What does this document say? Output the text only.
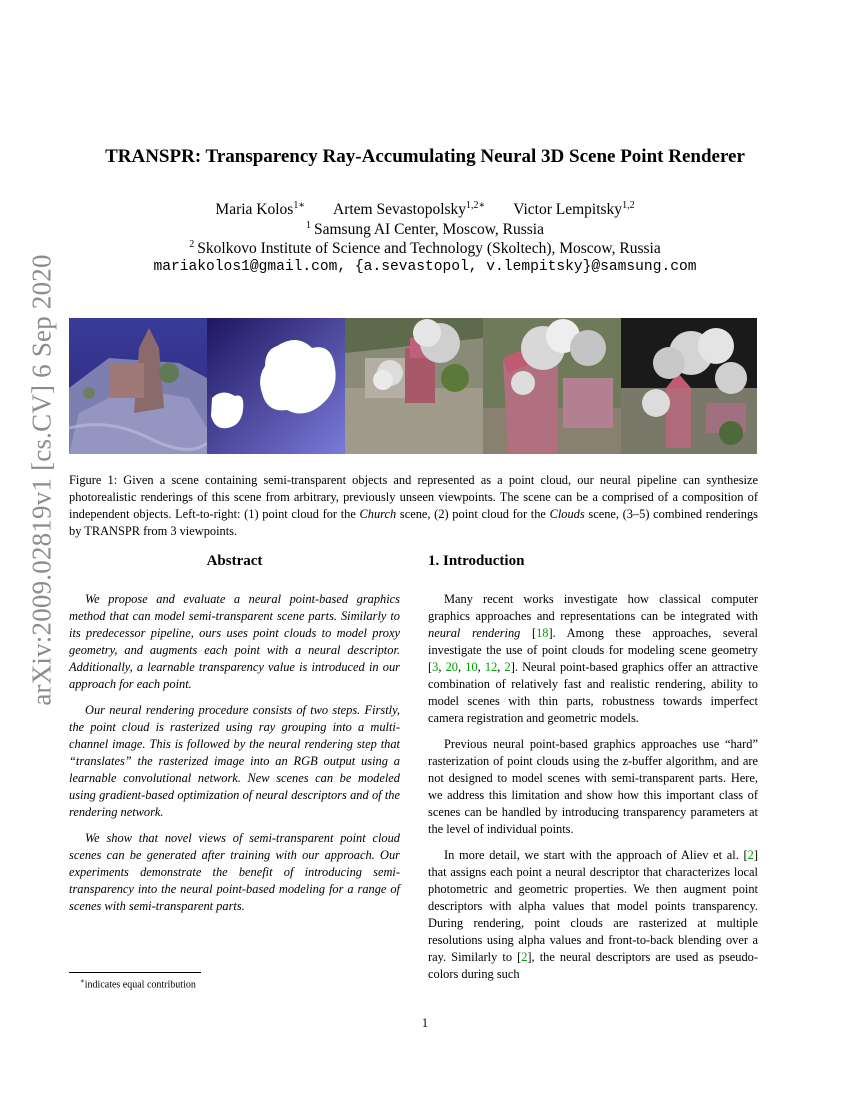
arXiv:2009.02819v1 [cs.CV] 6 Sep 2020
TRANSPR: Transparency Ray-Accumulating Neural 3D Scene Point Renderer
Maria Kolos$^{1∗}$ Artem Sevastopolsky$^{1,2∗}$ Victor Lempitsky$^{1,2}$
$^1$ Samsung AI Center, Moscow, Russia
$^2$ Skolkovo Institute of Science and Technology (Skoltech), Moscow, Russia
mariakolos1@gmail.com, {a.sevastopol, v.lempitsky}@samsung.com
Figure 1: Given a scene containing semi-transparent objects and represented as a point cloud, our neural pipeline can synthesize photorealistic renderings of this scene from arbitrary, previously unseen viewpoints. The scene can be a comprised of a composition of independent objects. Left-to-right: (1) point cloud for the Church scene, (2) point cloud for the Clouds scene, (3–5) combined renderings by TRANSPR from 3 viewpoints.
Abstract

We propose and evaluate a neural point-based graphics method that can model semi-transparent scene parts. Similarly to its predecessor pipeline, ours uses point clouds to model proxy geometry, and augments each point with a neural descriptor. Additionally, a learnable transparency value is introduced in our approach for each point.

Our neural rendering procedure consists of two steps. Firstly, the point cloud is rasterized using ray grouping into a multi-channel image. This is followed by the neural rendering step that “translates” the rasterized image into an RGB output using a learnable convolutional network. New scenes can be modeled using gradient-based optimization of neural descriptors and of the rendering network.

We show that novel views of semi-transparent point cloud scenes can be generated after training with our approach. Our experiments demonstrate the benefit of introducing semi-transparency into the neural point-based modeling for a range of scenes with semi-transparent parts.

1. Introduction

Many recent works investigate how classical computer graphics approaches and representations can be integrated with neural rendering [18]. Among these approaches, several investigate the use of point clouds for modeling scene geometry [3, 20, 10, 12, 2]. Neural point-based graphics offer an attractive combination of relatively fast and realistic rendering, ability to model scenes with thin parts, robustness towards imperfect camera registration and geometric models.

Previous neural point-based graphics approaches use “hard” rasterization of point clouds using the z-buffer algorithm, and are not designed to model scenes with semi-transparent parts. Here, we address this limitation and show how this important class of scenes can be handled by introducing transparency parameters at the level of individual points.

In more detail, we start with the approach of Aliev et al. [2] that assigns each point a neural descriptor that characterizes local photometric and geometric properties. We then augment point descriptors with alpha values that model points transparency. During rendering, point clouds are rasterized at multiple resolutions using alpha values and front-to-back blending over a ray. Similarly to [2], the neural descriptors are used as pseudo-colors during such

∗indicates equal contribution
1
